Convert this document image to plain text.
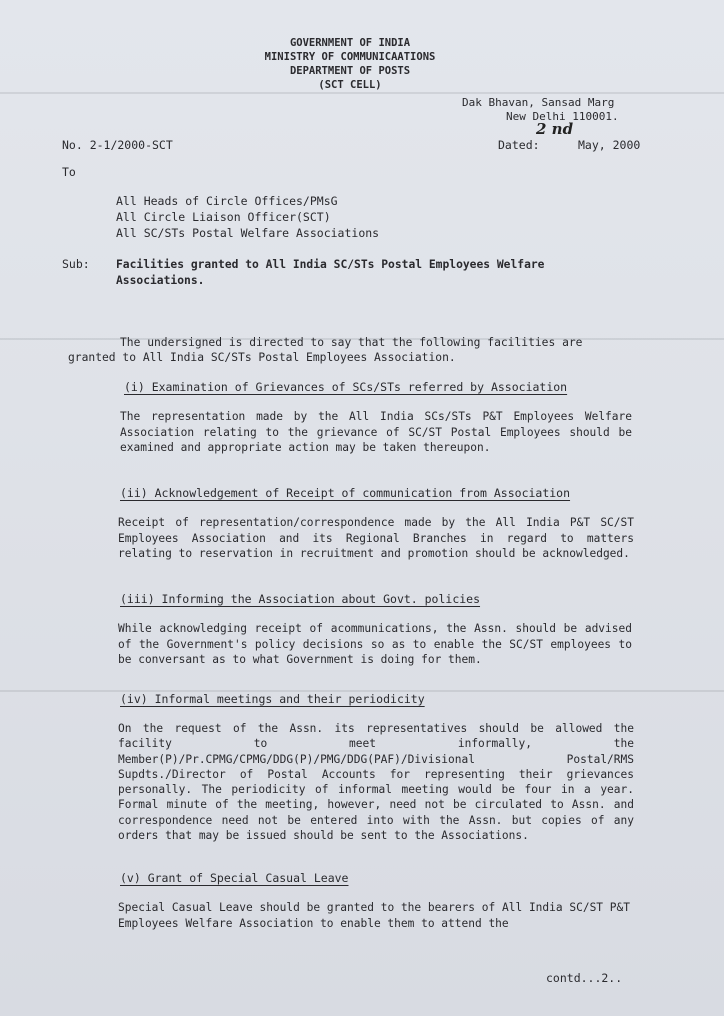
GOVERNMENT OF INDIA
MINISTRY OF COMMUNICAATIONS
DEPARTMENT OF POSTS
(SCT CELL)
Dak Bhavan, Sansad Marg
New Delhi 110001.
No. 2-1/2000-SCT	Dated:
2 nd
May, 2000
To
All Heads of Circle Offices/PMsG
All Circle Liaison Officer(SCT)
All SC/STs Postal Welfare Associations
Sub: Facilities granted to All India SC/STs Postal Employees Welfare
Associations.
The undersigned is directed to say that the following facilities are
granted to All India SC/STs Postal Employees Association.
(i) Examination of Grievances of SCs/STs referred by Association
The representation made by the All India SCs/STs P&T Employees Welfare Association relating to the grievance of SC/ST Postal Employees should be examined and appropriate action may be taken thereupon.
(ii) Acknowledgement of Receipt of communication from Association
Receipt of representation/correspondence made by the All India P&T SC/ST Employees Association and its Regional Branches in regard to matters relating to reservation in recruitment and promotion should be acknowledged.
(iii) Informing the Association about Govt. policies
While acknowledging receipt of acommunications, the Assn. should be advised of the Government's policy decisions so as to enable the SC/ST employees to be conversant as to what Government is doing for them.
(iv) Informal meetings and their periodicity
On the request of the Assn. its representatives should be allowed the facility to meet informally, the Member(P)/Pr.CPMG/CPMG/DDG(P)/PMG/DDG(PAF)/Divisional Postal/RMS Supdts./Director of Postal Accounts for representing their grievances personally. The periodicity of informal meeting would be four in a year. Formal minute of the meeting, however, need not be circulated to Assn. and correspondence need not be entered into with the Assn. but copies of any orders that may be issued should be sent to the Associations.
(v) Grant of Special Casual Leave
Special Casual Leave should be granted to the bearers of All India SC/ST P&T Employees Welfare Association to enable them to attend the
contd...2..
